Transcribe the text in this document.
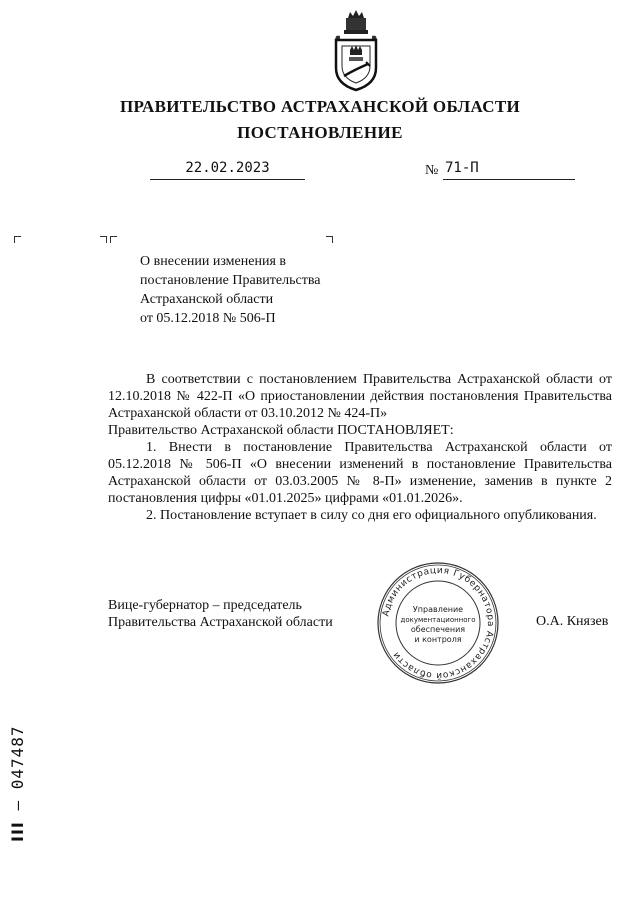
ПРАВИТЕЛЬСТВО АСТРАХАНСКОЙ ОБЛАСТИ
ПОСТАНОВЛЕНИЕ
22.02.2023	№ 71-П
О внесении изменения в
постановление Правительства
Астраханской области
от 05.12.2018 № 506-П

В соответствии с постановлением Правительства Астраханской области от 12.10.2018 № 422-П «О приостановлении действия постановления Правительства Астраханской области от 03.10.2012 № 424-П»

Правительство Астраханской области ПОСТАНОВЛЯЕТ:

1. Внести в постановление Правительства Астраханской области от 05.12.2018 № 506-П «О внесении изменений в постановление Правительства Астраханской области от 03.03.2005 № 8-П» изменение, заменив в пункте 2 постановления цифры «01.01.2025» цифрами «01.01.2026».

2. Постановление вступает в силу со дня его официального опубликования.

Вице-губернатор – председатель
Правительства Астраханской области	О.А. Князев
Администрация Губернатора Астраханской области
Управление
документационного
обеспечения
и контроля
III – 047487
